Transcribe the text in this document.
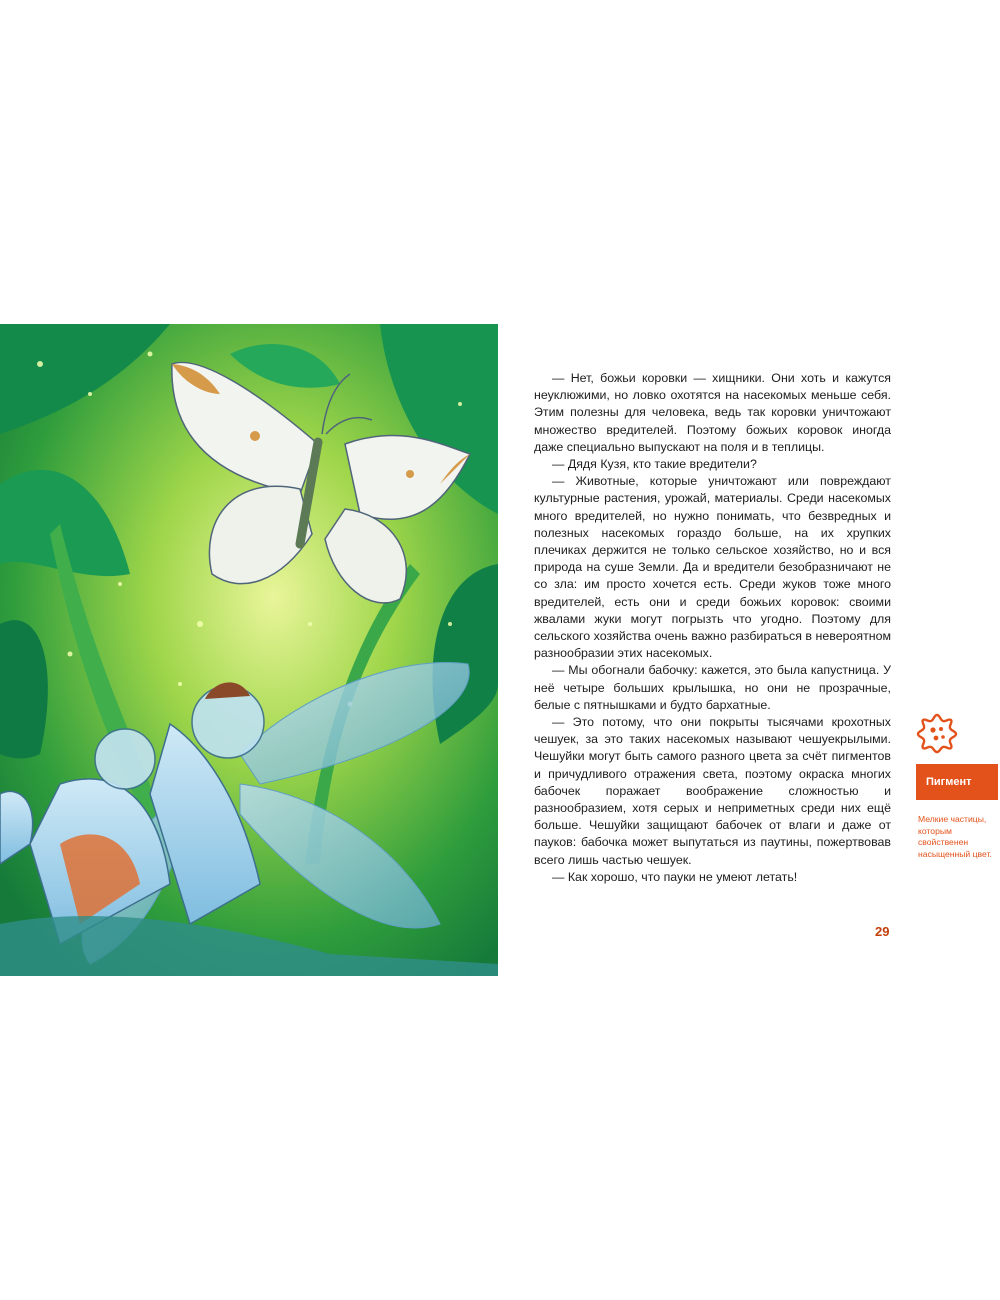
— Нет, божьи коровки — хищники. Они хоть и кажутся неуклюжими, но ловко охотятся на насекомых меньше себя. Этим полезны для человека, ведь так коровки уничтожают множество вредителей. Поэтому божьих коровок иногда даже специально выпускают на поля и в теплицы.

— Дядя Кузя, кто такие вредители?

— Животные, которые уничтожают или повреждают культурные растения, урожай, материалы. Среди насекомых много вредителей, но нужно понимать, что безвредных и полезных насекомых гораздо больше, на их хрупких плечиках держится не только сельское хозяйство, но и вся природа на суше Земли. Да и вредители безобразничают не со зла: им просто хочется есть. Среди жуков тоже много вредителей, есть они и среди божьих коровок: своими жвалами жуки могут погрызть что угодно. Поэтому для сельского хозяйства очень важно разбираться в невероятном разнообразии этих насекомых.

— Мы обогнали бабочку: кажется, это была капустница. У неё четыре больших крылышка, но они не прозрачные, белые с пятнышками и будто бархатные.

— Это потому, что они покрыты тысячами крохотных чешуек, за это таких насекомых называют чешуекрылыми. Чешуйки могут быть самого разного цвета за счёт пигментов и причудливого отражения света, поэтому окраска многих бабочек поражает воображение сложностью и разнообразием, хотя серых и неприметных среди них ещё больше. Чешуйки защищают бабочек от влаги и даже от пауков: бабочка может выпутаться из паутины, пожертвовав всего лишь частью чешуек.

— Как хорошо, что пауки не умеют летать!

29
Пигмент
Мелкие частицы, которым свойственен насыщенный цвет.
